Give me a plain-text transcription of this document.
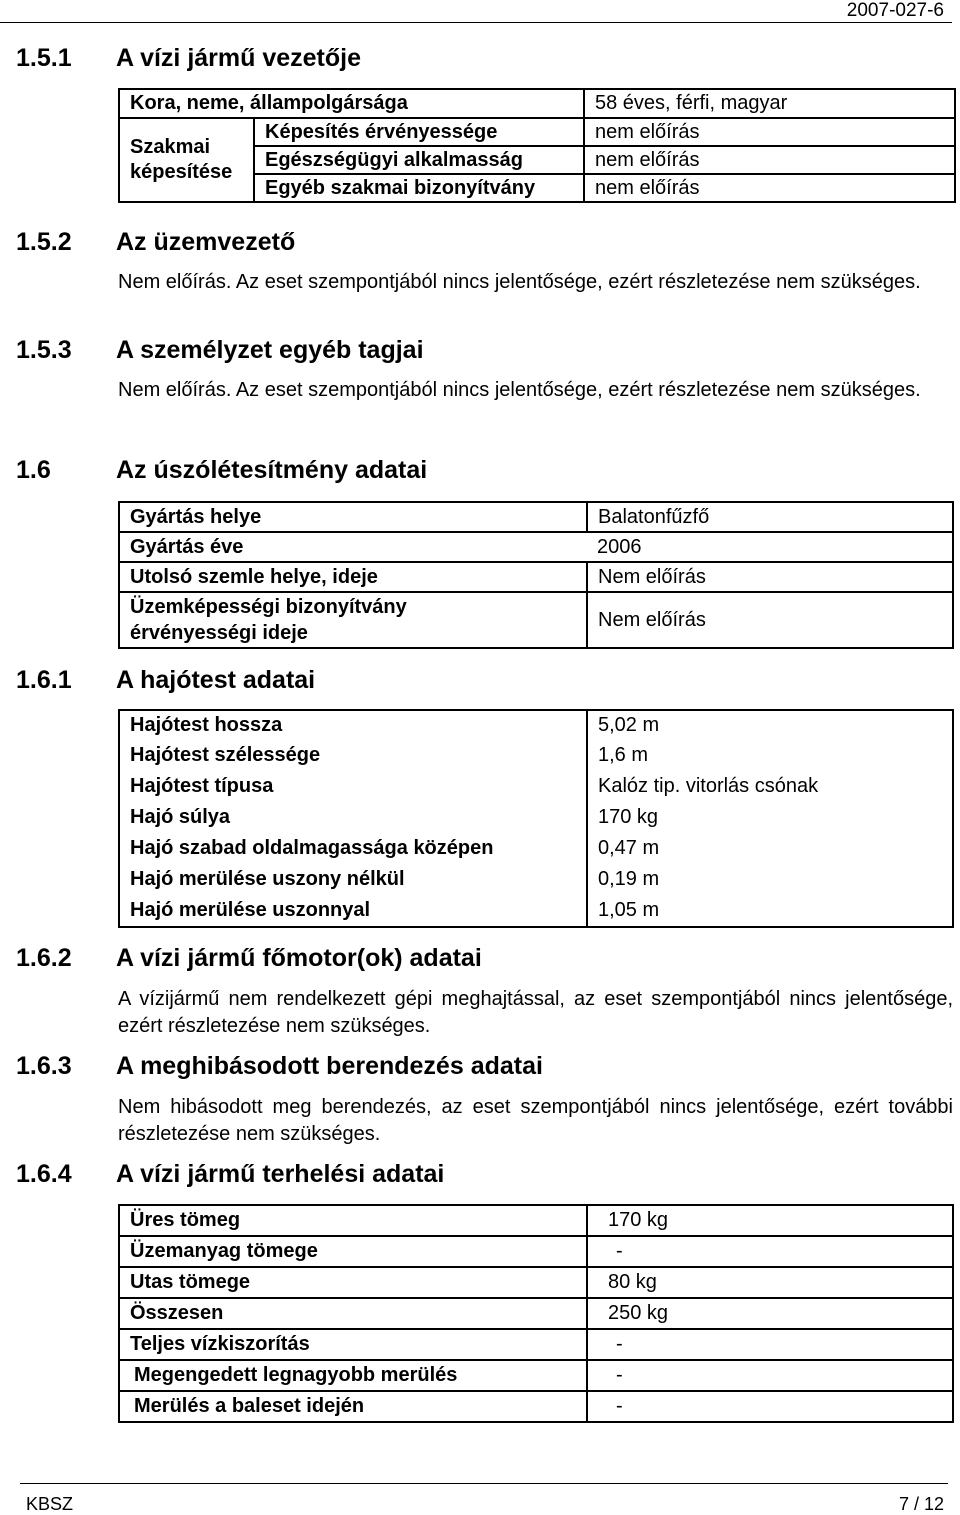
2007-027-6
1.5.1 A vízi jármű vezetője
Kora, neme, állampolgársága		58 éves, férfi, magyar
Szakmai képesítése	Képesítés érvényessége	nem előírás
	Egészségügyi alkalmasság	nem előírás
	Egyéb szakmai bizonyítvány	nem előírás
1.5.2 Az üzemvezető
Nem előírás. Az eset szempontjából nincs jelentősége, ezért részletezése nem szükséges.
1.5.3 A személyzet egyéb tagjai
Nem előírás. Az eset szempontjából nincs jelentősége, ezért részletezése nem szükséges.
1.6	Az úszólétesítmény adatai
Gyártás helye	Balatonfűzfő
Gyártás éve	2006
Utolsó szemle helye, ideje	Nem előírás
Üzemképességi bizonyítvány érvényességi ideje	Nem előírás
1.6.1 A hajótest adatai
Hajótest hossza	5,02 m
Hajótest szélessége	1,6 m
Hajótest típusa	Kalóz tip. vitorlás csónak
Hajó súlya	170 kg
Hajó szabad oldalmagassága középen	0,47 m
Hajó merülése uszony nélkül	0,19 m
Hajó merülése uszonnyal	1,05 m
1.6.2 A vízi jármű főmotor(ok) adatai
A vízijármű nem rendelkezett gépi meghajtással, az eset szempontjából nincs jelentősége, ezért részletezése nem szükséges.
1.6.3 A meghibásodott berendezés adatai
Nem hibásodott meg berendezés, az eset szempontjából nincs jelentősége, ezért további részletezése nem szükséges.
1.6.4 A vízi jármű terhelési adatai
Üres tömeg	170 kg
Üzemanyag tömege	-
Utas tömege	80 kg
Összesen	250 kg
Teljes vízkiszorítás	-
Megengedett legnagyobb merülés	-
Merülés a baleset idején	-
KBSZ	7 / 12
